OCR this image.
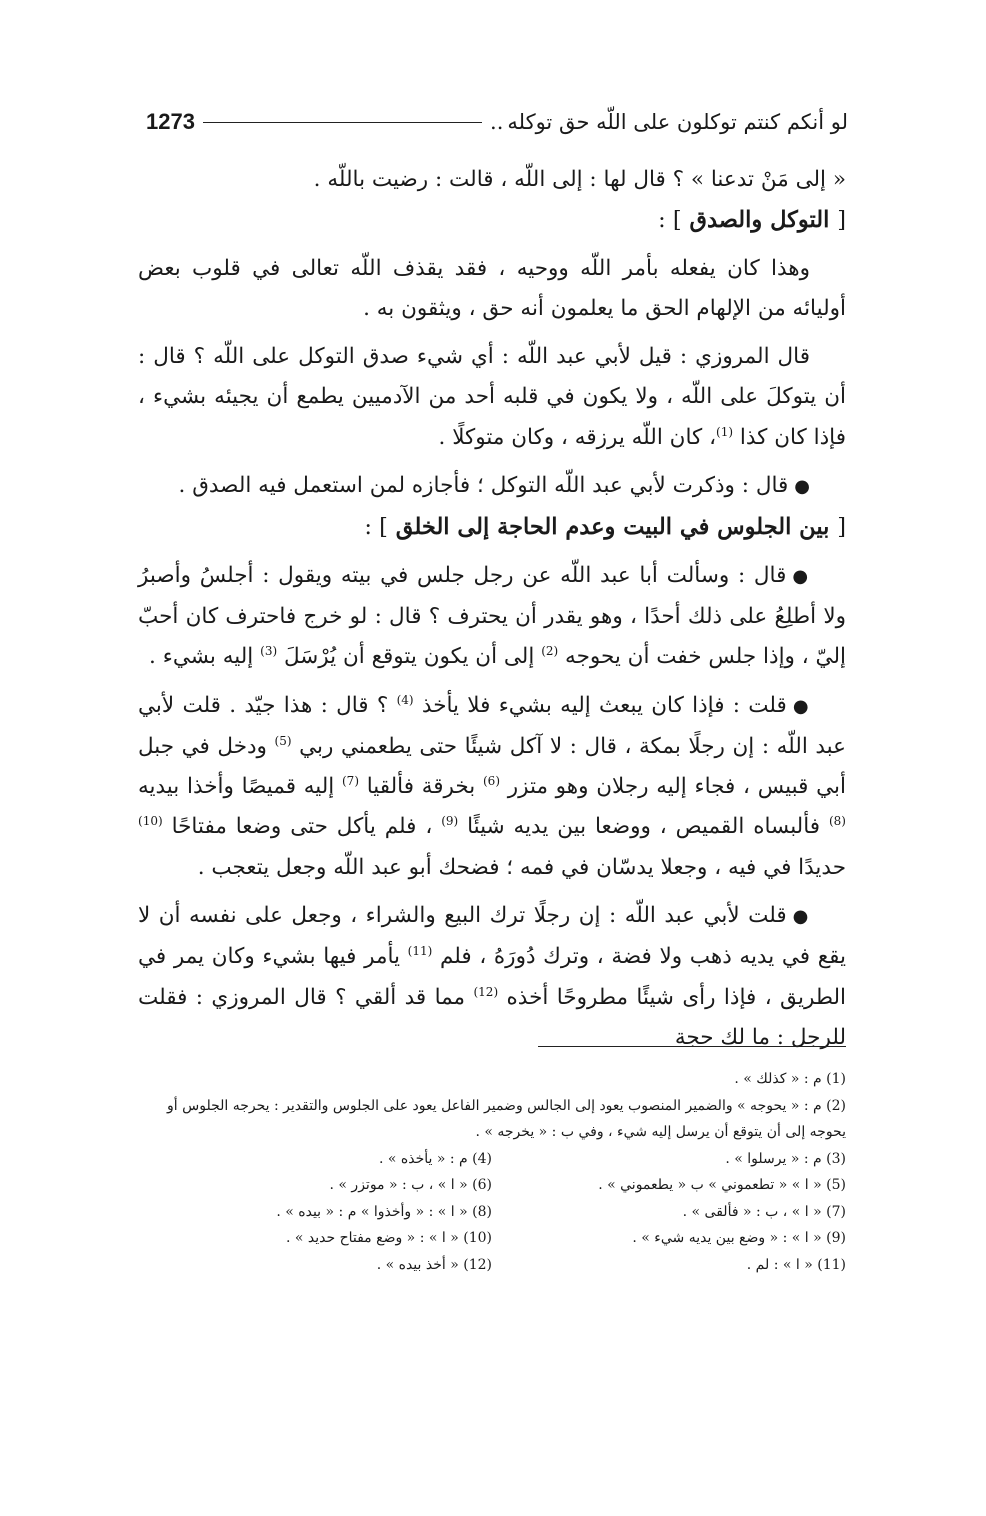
لو أنكم كنتم توكلون على اللّه حق توكله
..
1273

« إلى مَنْ تدعنا » ؟ قال لها : إلى اللّه ، قالت : رضيت باللّه .

[ التوكل والصدق ] :

وهذا كان يفعله بأمر اللّه ووحيه ، فقد يقذف اللّه تعالى في قلوب بعض أوليائه من الإلهام الحق ما يعلمون أنه حق ، ويثقون به .

قال المروزي : قيل لأبي عبد اللّه : أي شيء صدق التوكل على اللّه ؟ قال : أن يتوكلَ على اللّه ، ولا يكون في قلبه أحد من الآدميين يطمع أن يجيئه بشيء ، فإذا كان كذا $^{(1)}$، كان اللّه يرزقه ، وكان متوكلًا .

●قال : وذكرت لأبي عبد اللّه التوكل ؛ فأجازه لمن استعمل فيه الصدق .

[ بين الجلوس في البيت وعدم الحاجة إلى الخلق ] :

●قال : وسألت أبا عبد اللّه عن رجل جلس في بيته ويقول : أجلسُ وأصبرُ ولا أطلِعُ على ذلك أحدًا ، وهو يقدر أن يحترف ؟ قال : لو خرج فاحترف كان أحبّ إليّ ، وإذا جلس خفت أن يحوجه $^{(2)}$ إلى أن يكون يتوقع أن يُرْسَلَ $^{(3)}$ إليه بشيء .

●قلت : فإذا كان يبعث إليه بشيء فلا يأخذ $^{(4)}$ ؟ قال : هذا جيّد . قلت لأبي عبد اللّه : إن رجلًا بمكة ، قال : لا آكل شيئًا حتى يطعمني ربي $^{(5)}$ ودخل في جبل أبي قبيس ، فجاء إليه رجلان وهو متزر $^{(6)}$ بخرقة فألقيا $^{(7)}$ إليه قميصًا وأخذا بيديه $^{(8)}$ فألبساه القميص ، ووضعا بين يديه شيئًا $^{(9)}$ ، فلم يأكل حتى وضعا مفتاحًا $^{(10)}$ حديدًا في فيه ، وجعلا يدسّان في فمه ؛ فضحك أبو عبد اللّه وجعل يتعجب .

●قلت لأبي عبد اللّه : إن رجلًا ترك البيع والشراء ، وجعل على نفسه أن لا يقع في يديه ذهب ولا فضة ، وترك دُورَهُ ، فلم $^{(11)}$ يأمر فيها بشيء وكان يمر في الطريق ، فإذا رأى شيئًا مطروحًا أخذه $^{(12)}$ مما قد ألقي ؟ قال المروزي : فقلت للرجل : ما لك حجة

(1) م : « كذلك » .

(2) م : « يحوجه » والضمير المنصوب يعود إلى الجالس وضمير الفاعل يعود على الجلوس والتقدير : يحرجه الجلوس أو يحوجه إلى أن يتوقع أن يرسل إليه شيء ، وفي ب : « يخرجه » .

(3) م : « يرسلوا » .

(4) م : « يأخذه » .

(5) « ا » « تطعموني » ب « يطعموني » .

(6) « ا » ، ب : « موتزر » .

(7) « ا » ، ب : « فألقى » .

(8) « ا » : « وأخذوا » م : « بيده » .

(9) « ا » : « وضع بين يديه شيء » .

(10) « ا » : « وضع مفتاح حديد » .

(11) « ا » : لم .

(12) « أخذ بيده » .
